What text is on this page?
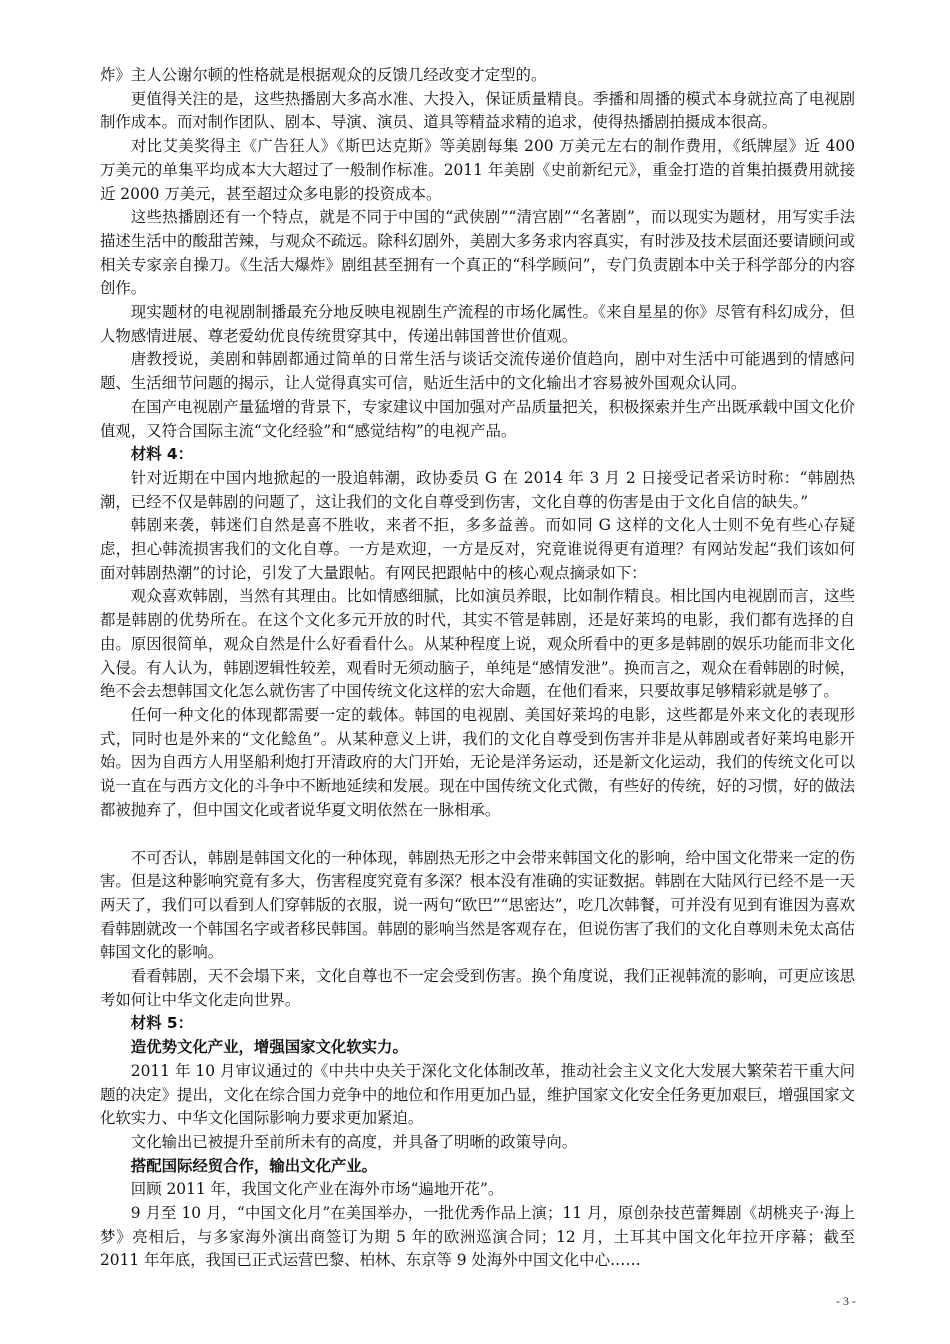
炸》主人公谢尔顿的性格就是根据观众的反馈几经改变才定型的。

更值得关注的是，这些热播剧大多高水准、大投入，保证质量精良。季播和周播的模式本身就拉高了电视剧制作成本。而对制作团队、剧本、导演、演员、道具等精益求精的追求，使得热播剧拍摄成本很高。

对比艾美奖得主《广告狂人》《斯巴达克斯》等美剧每集 200 万美元左右的制作费用，《纸牌屋》近 400 万美元的单集平均成本大大超过了一般制作标准。2011 年美剧《史前新纪元》，重金打造的首集拍摄费用就接近 2000 万美元，甚至超过众多电影的投资成本。

这些热播剧还有一个特点，就是不同于中国的“武侠剧”“清宫剧”“名著剧”，而以现实为题材，用写实手法描述生活中的酸甜苦辣，与观众不疏远。除科幻剧外，美剧大多务求内容真实，有时涉及技术层面还要请顾问或相关专家亲自操刀。《生活大爆炸》剧组甚至拥有一个真正的“科学顾问”，专门负责剧本中关于科学部分的内容创作。

现实题材的电视剧制播最充分地反映电视剧生产流程的市场化属性。《来自星星的你》尽管有科幻成分，但人物感情进展、尊老爱幼优良传统贯穿其中，传递出韩国普世价值观。

唐教授说，美剧和韩剧都通过简单的日常生活与谈话交流传递价值趋向，剧中对生活中可能遇到的情感问题、生活细节问题的揭示，让人觉得真实可信，贴近生活中的文化输出才容易被外国观众认同。

在国产电视剧产量猛增的背景下，专家建议中国加强对产品质量把关，积极探索并生产出既承载中国文化价值观，又符合国际主流“文化经验”和“感觉结构”的电视产品。

材料 4：

针对近期在中国内地掀起的一股追韩潮，政协委员 G 在 2014 年 3 月 2 日接受记者采访时称：“韩剧热潮，已经不仅是韩剧的问题了，这让我们的文化自尊受到伤害，文化自尊的伤害是由于文化自信的缺失。”

韩剧来袭，韩迷们自然是喜不胜收，来者不拒，多多益善。而如同 G 这样的文化人士则不免有些心存疑虑，担心韩流损害我们的文化自尊。一方是欢迎，一方是反对，究竟谁说得更有道理？有网站发起“我们该如何面对韩剧热潮”的讨论，引发了大量跟帖。有网民把跟帖中的核心观点摘录如下：

观众喜欢韩剧，当然有其理由。比如情感细腻，比如演员养眼，比如制作精良。相比国内电视剧而言，这些都是韩剧的优势所在。在这个文化多元开放的时代，其实不管是韩剧，还是好莱坞的电影，我们都有选择的自由。原因很简单，观众自然是什么好看看什么。从某种程度上说，观众所看中的更多是韩剧的娱乐功能而非文化入侵。有人认为，韩剧逻辑性较差，观看时无须动脑子，单纯是“感情发泄”。换而言之，观众在看韩剧的时候，绝不会去想韩国文化怎么就伤害了中国传统文化这样的宏大命题，在他们看来，只要故事足够精彩就是够了。

任何一种文化的体现都需要一定的载体。韩国的电视剧、美国好莱坞的电影，这些都是外来文化的表现形式，同时也是外来的“文化鲶鱼”。从某种意义上讲，我们的文化自尊受到伤害并非是从韩剧或者好莱坞电影开始。因为自西方人用坚船利炮打开清政府的大门开始，无论是洋务运动，还是新文化运动，我们的传统文化可以说一直在与西方文化的斗争中不断地延续和发展。现在中国传统文化式微，有些好的传统，好的习惯，好的做法都被抛弃了，但中国文化或者说华夏文明依然在一脉相承。

不可否认，韩剧是韩国文化的一种体现，韩剧热无形之中会带来韩国文化的影响，给中国文化带来一定的伤害。但是这种影响究竟有多大，伤害程度究竟有多深？根本没有准确的实证数据。韩剧在大陆风行已经不是一天两天了，我们可以看到人们穿韩版的衣服，说一两句“欧巴”“思密达”，吃几次韩餐，可并没有见到有谁因为喜欢看韩剧就改一个韩国名字或者移民韩国。韩剧的影响当然是客观存在，但说伤害了我们的文化自尊则未免太高估韩国文化的影响。

看看韩剧，天不会塌下来，文化自尊也不一定会受到伤害。换个角度说，我们正视韩流的影响，可更应该思考如何让中华文化走向世界。

材料 5：

造优势文化产业，增强国家文化软实力。

2011 年 10 月审议通过的《中共中央关于深化文化体制改革，推动社会主义文化大发展大繁荣若干重大问题的决定》提出，文化在综合国力竞争中的地位和作用更加凸显，维护国家文化安全任务更加艰巨，增强国家文化软实力、中华文化国际影响力要求更加紧迫。

文化输出已被提升至前所未有的高度，并具备了明晰的政策导向。

搭配国际经贸合作，输出文化产业。

回顾 2011 年，我国文化产业在海外市场“遍地开花”。

9 月至 10 月，“中国文化月”在美国举办，一批优秀作品上演；11 月，原创杂技芭蕾舞剧《胡桃夹子·海上梦》亮相后，与多家海外演出商签订为期 5 年的欧洲巡演合同；12 月，土耳其中国文化年拉开序幕；截至 2011 年年底，我国已正式运营巴黎、柏林、东京等 9 处海外中国文化中心……

- 3 -
